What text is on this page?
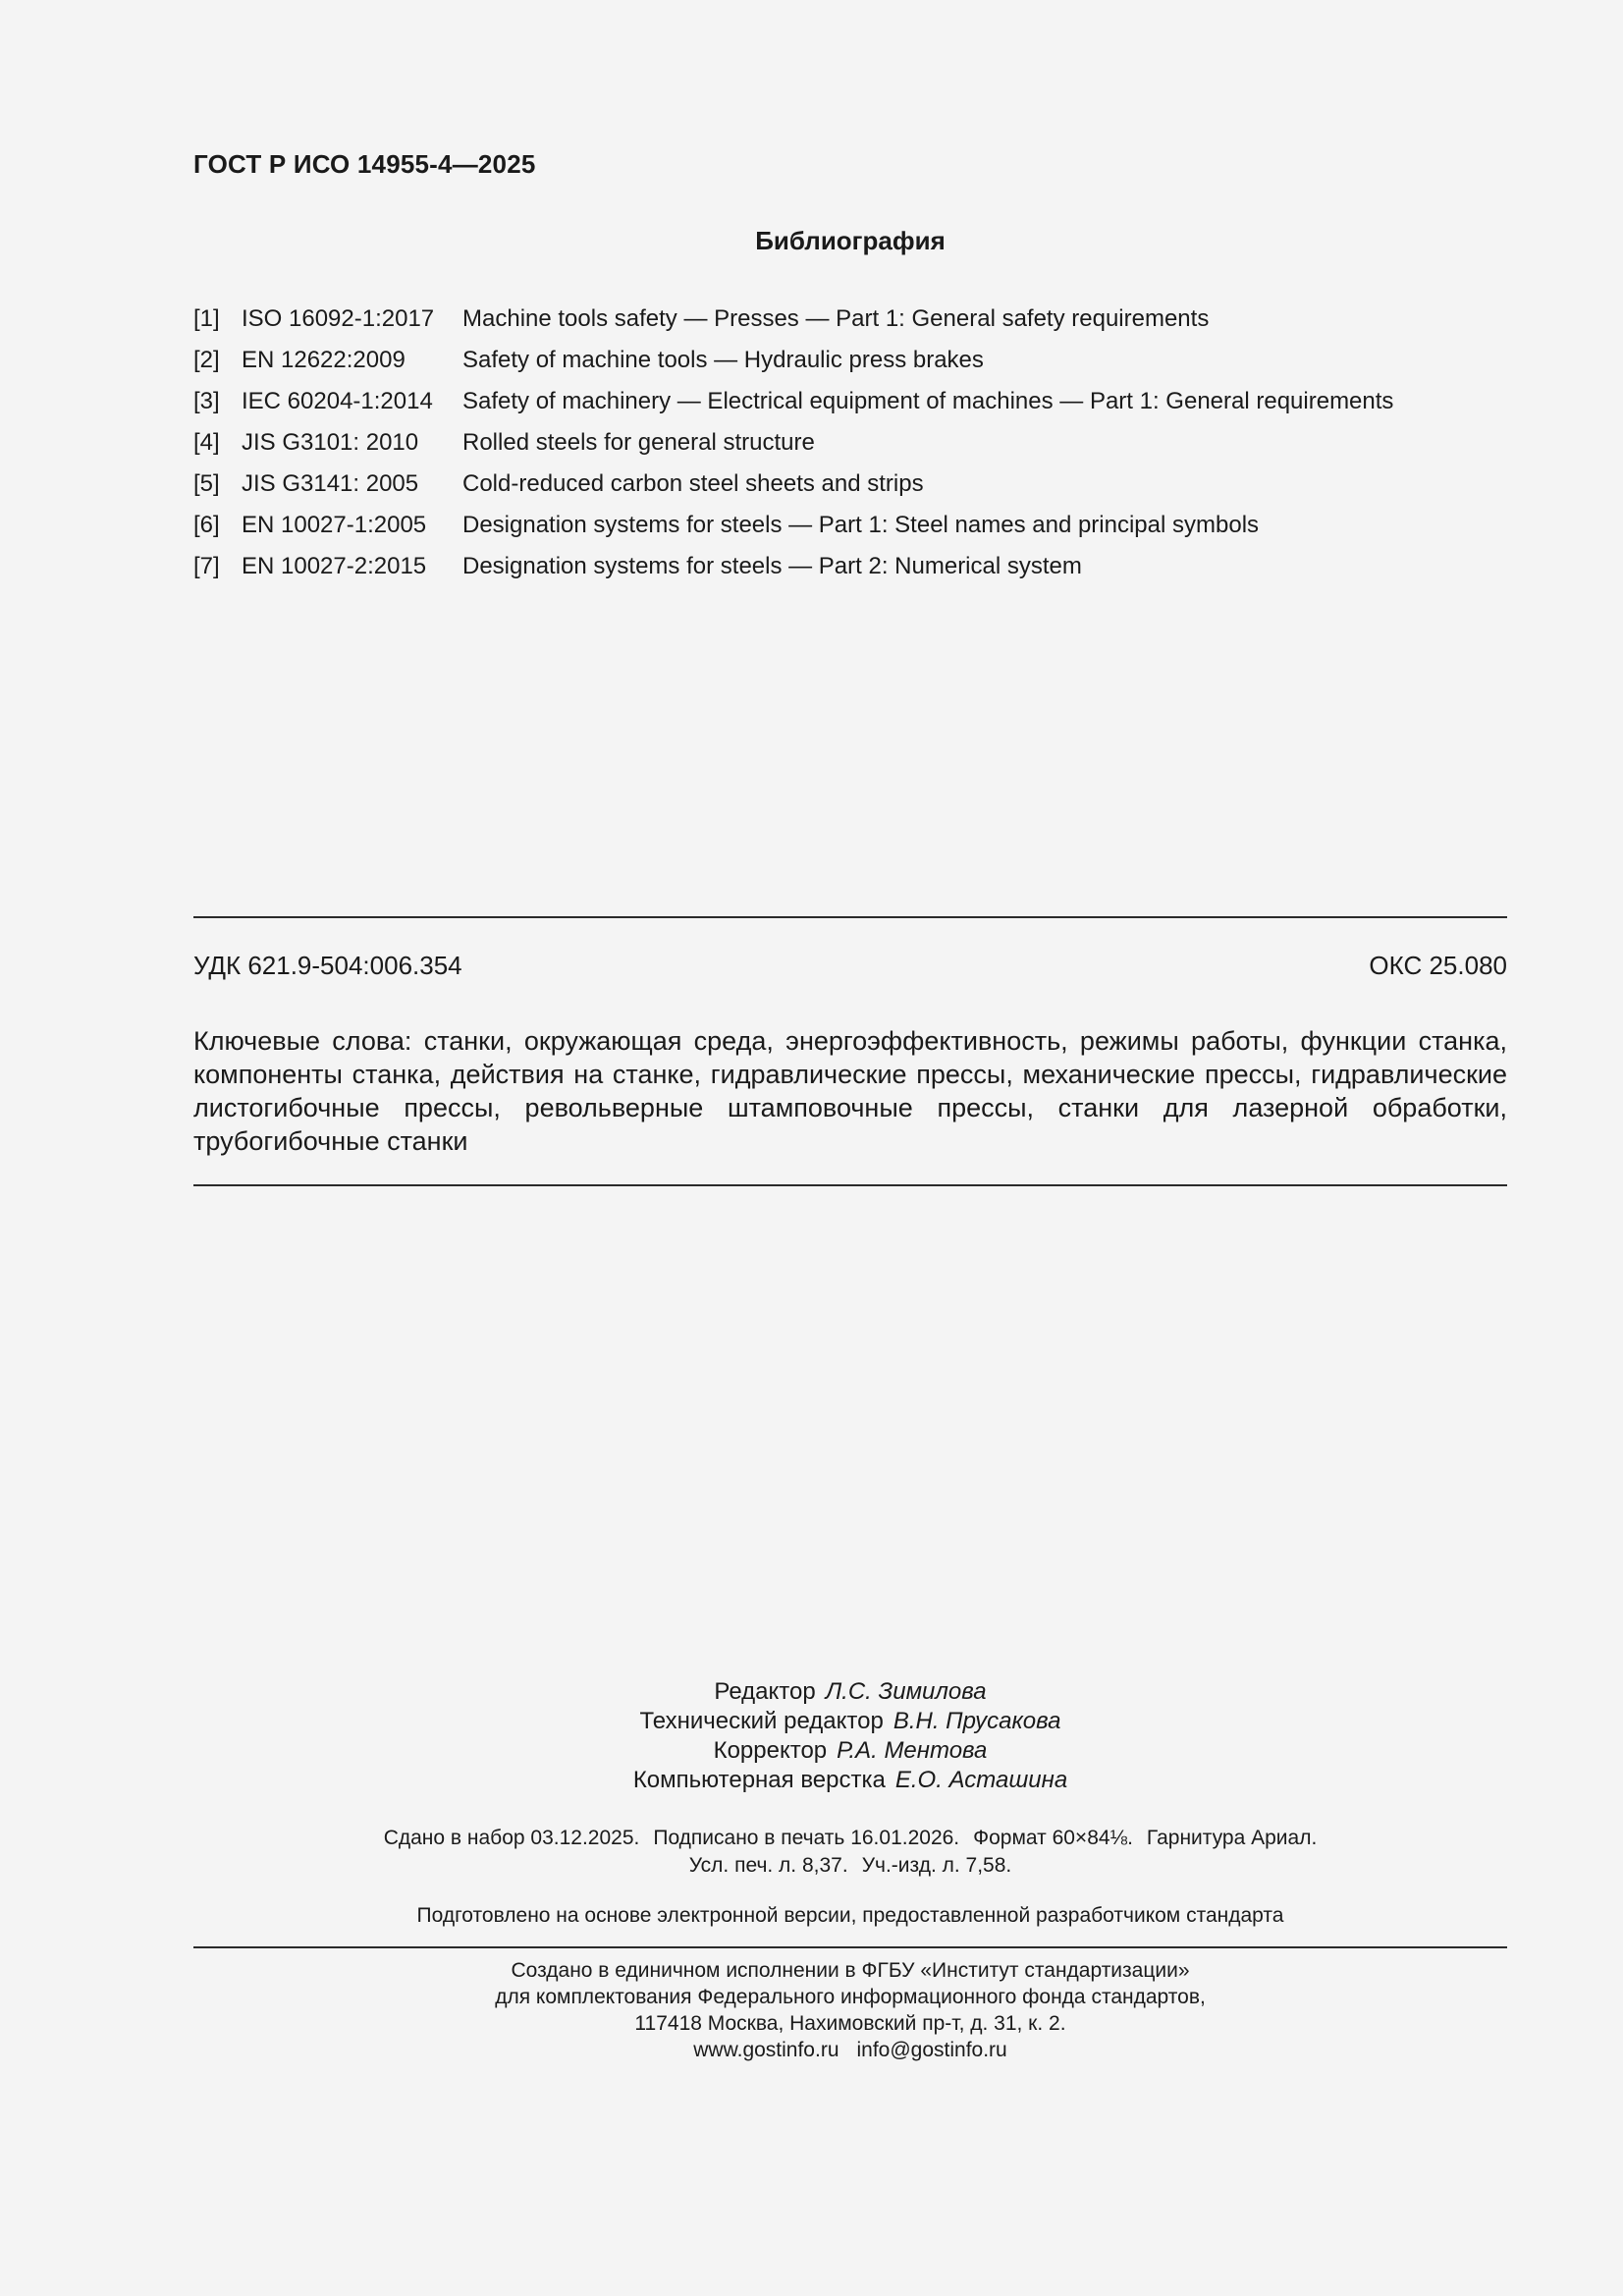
ГОСТ Р ИСО 14955-4—2025
Библиография
[1] ISO 16092-1:2017	Machine tools safety — Presses — Part 1: General safety requirements
[2] EN 12622:2009	Safety of machine tools — Hydraulic press brakes
[3] IEC 60204-1:2014	Safety of machinery — Electrical equipment of machines — Part 1: General requirements
[4] JIS G3101: 2010	Rolled steels for general structure
[5] JIS G3141: 2005	Cold-reduced carbon steel sheets and strips
[6] EN 10027-1:2005	Designation systems for steels — Part 1: Steel names and principal symbols
[7] EN 10027-2:2015	Designation systems for steels — Part 2: Numerical system
УДК 621.9-504:006.354	ОКС 25.080
Ключевые слова: станки, окружающая среда, энергоэффективность, режимы работы, функции станка, компоненты станка, действия на станке, гидравлические прессы, механические прессы, гидравлические листогибочные прессы, револьверные штамповочные прессы, станки для лазерной обработки, трубогибочные станки
Редактор Л.С. Зимилова
Технический редактор В.Н. Прусакова
Корректор Р.А. Ментова
Компьютерная верстка Е.О. Асташина
Сдано в набор 03.12.2025. Подписано в печать 16.01.2026. Формат 60×84⅛. Гарнитура Ариал.
Усл. печ. л. 8,37. Уч.-изд. л. 7,58.
Подготовлено на основе электронной версии, предоставленной разработчиком стандарта
Создано в единичном исполнении в ФГБУ «Институт стандартизации»
для комплектования Федерального информационного фонда стандартов,
117418 Москва, Нахимовский пр-т, д. 31, к. 2.
www.gostinfo.ru info@gostinfo.ru
